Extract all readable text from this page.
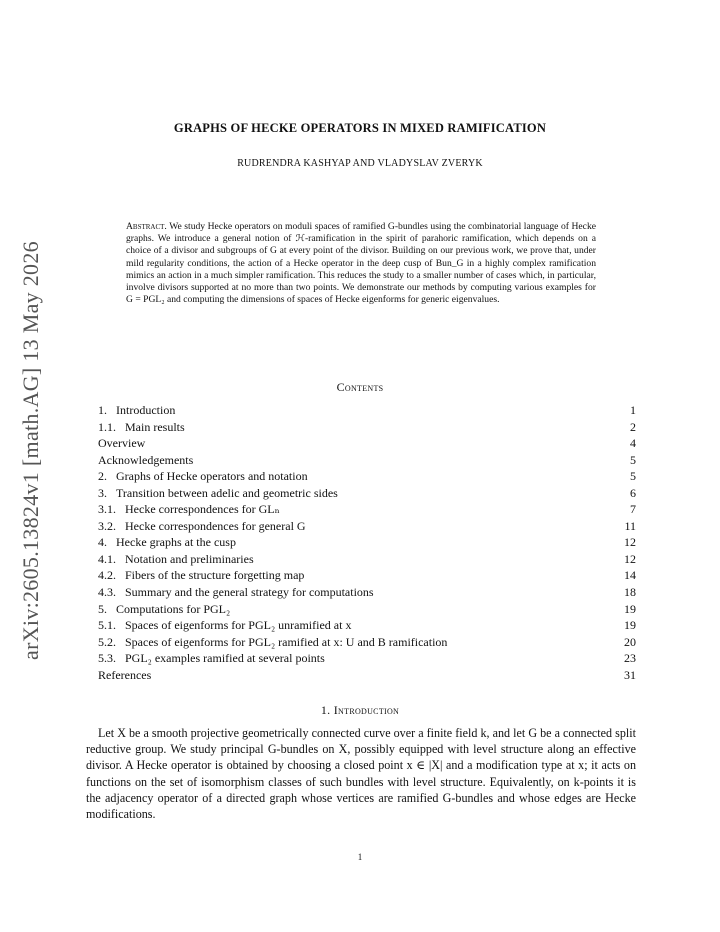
arXiv:2605.13824v1 [math.AG] 13 May 2026
GRAPHS OF HECKE OPERATORS IN MIXED RAMIFICATION
RUDRENDRA KASHYAP AND VLADYSLAV ZVERYK
Abstract. We study Hecke operators on moduli spaces of ramified G-bundles using the combinatorial language of Hecke graphs. We introduce a general notion of ℋ-ramification in the spirit of parahoric ramification, which depends on a choice of a divisor and subgroups of G at every point of the divisor. Building on our previous work, we prove that, under mild regularity conditions, the action of a Hecke operator in the deep cusp of Bun_G in a highly complex ramification mimics an action in a much simpler ramification. This reduces the study to a smaller number of cases which, in particular, involve divisors supported at no more than two points. We demonstrate our methods by computing various examples for G = PGL₂ and computing the dimensions of spaces of Hecke eigenforms for generic eigenvalues.
Contents
1. Introduction	1
1.1. Main results	2
Overview	4
Acknowledgements	5
2. Graphs of Hecke operators and notation	5
3. Transition between adelic and geometric sides	6
3.1. Hecke correspondences for GLₙ	7
3.2. Hecke correspondences for general G	11
4. Hecke graphs at the cusp	12
4.1. Notation and preliminaries	12
4.2. Fibers of the structure forgetting map	14
4.3. Summary and the general strategy for computations	18
5. Computations for PGL₂	19
5.1. Spaces of eigenforms for PGL₂ unramified at x	19
5.2. Spaces of eigenforms for PGL₂ ramified at x: U and B ramification	20
5.3. PGL₂ examples ramified at several points	23
References	31
1. Introduction
Let X be a smooth projective geometrically connected curve over a finite field k, and let G be a connected split reductive group. We study principal G-bundles on X, possibly equipped with level structure along an effective divisor. A Hecke operator is obtained by choosing a closed point x ∈ |X| and a modification type at x; it acts on functions on the set of isomorphism classes of such bundles with level structure. Equivalently, on k-points it is the adjacency operator of a directed graph whose vertices are ramified G-bundles and whose edges are Hecke modifications.
1
